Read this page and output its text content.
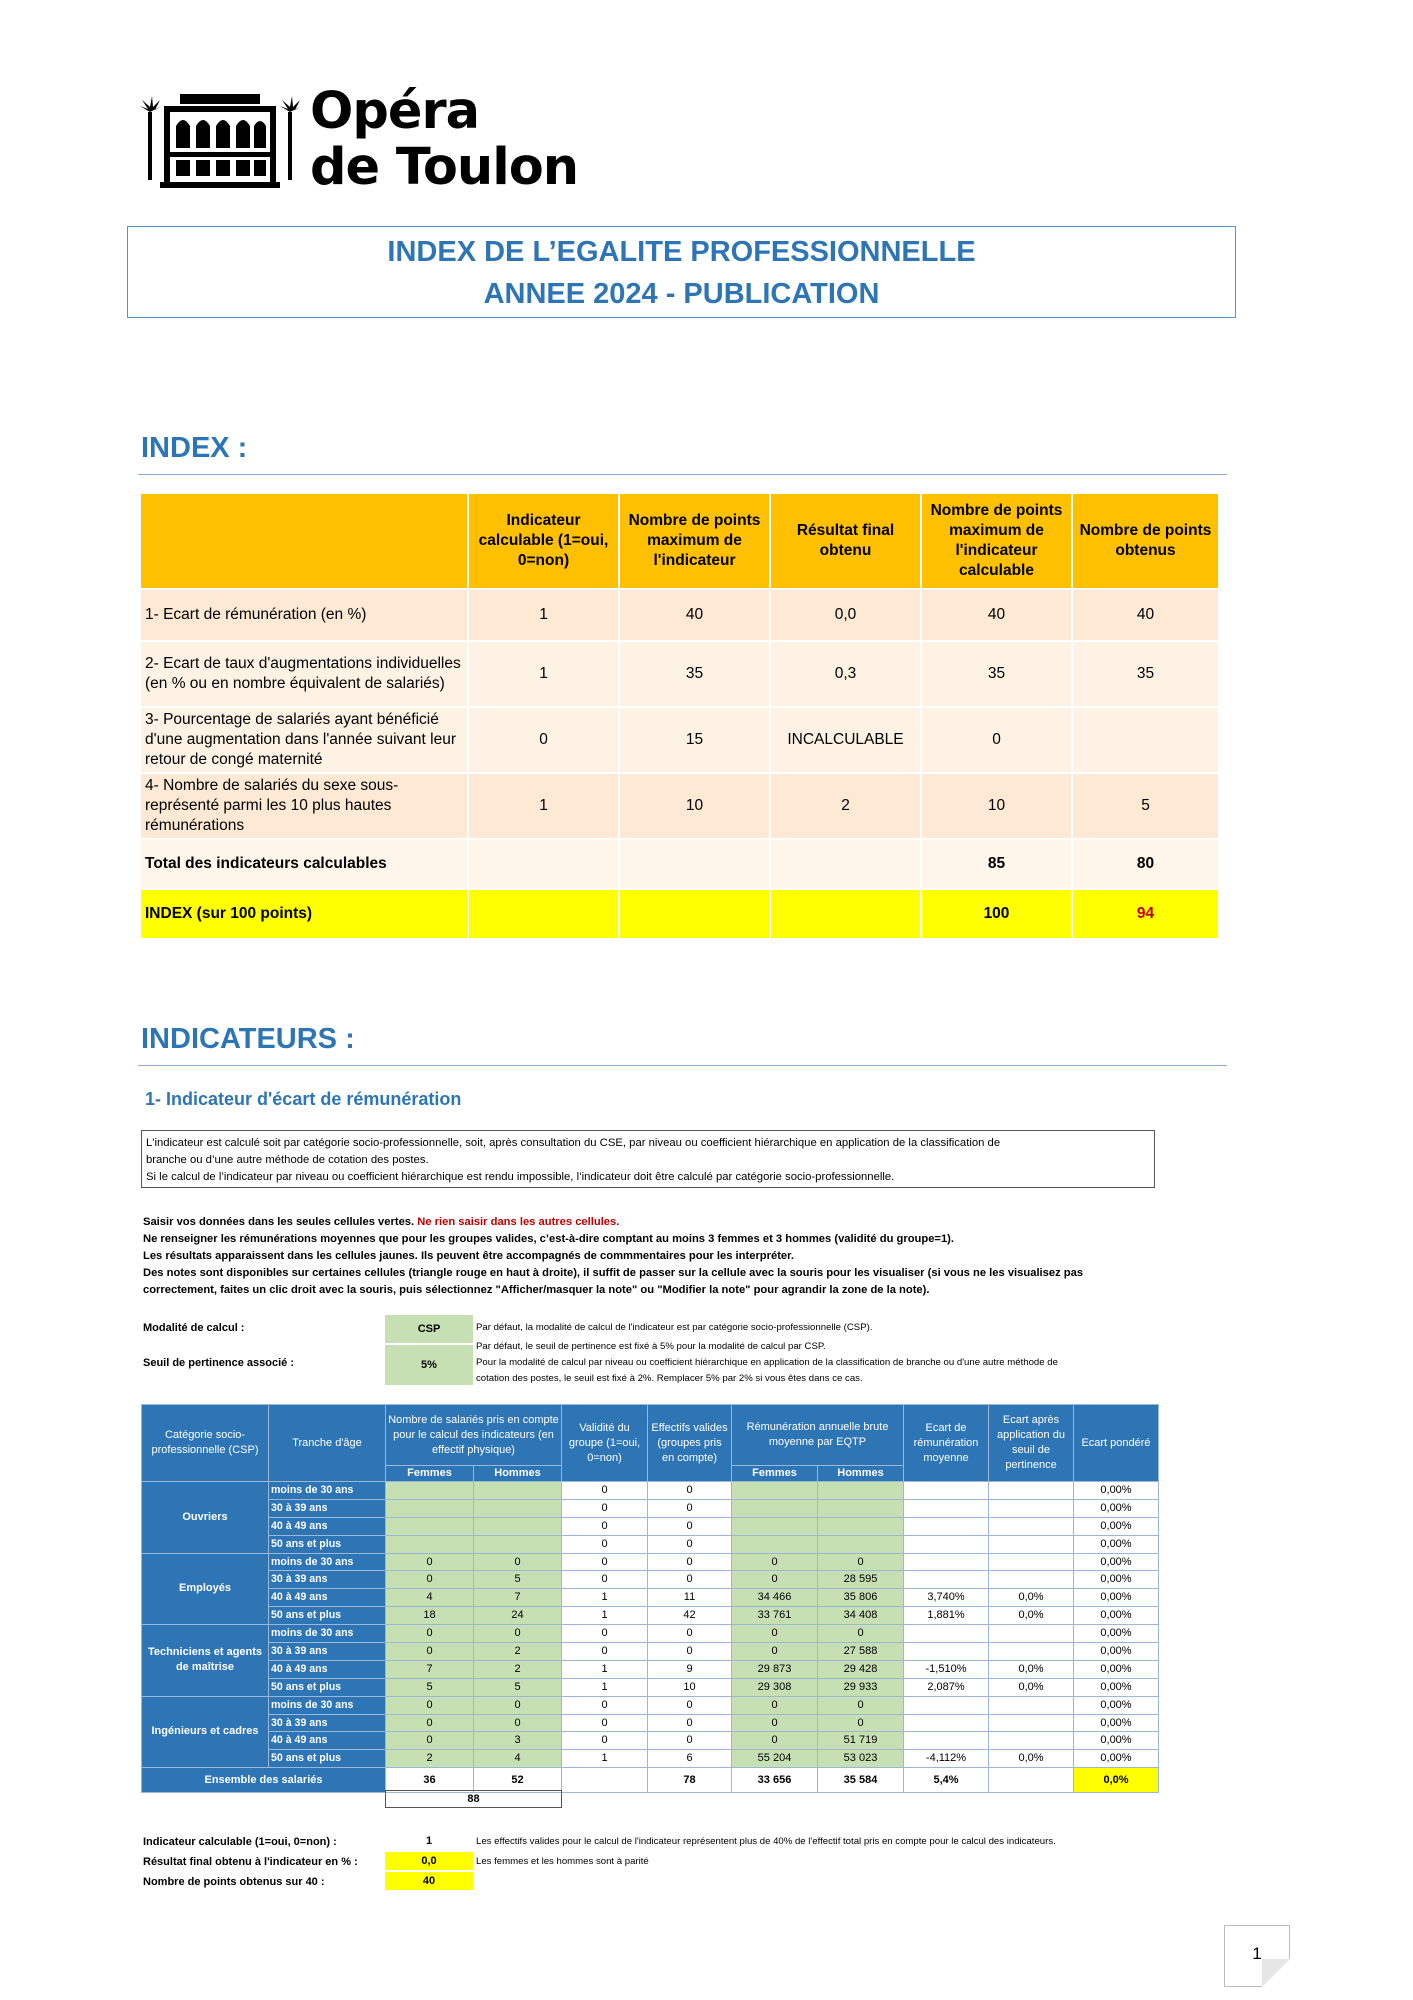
Opéra
de Toulon
INDEX DE L’EGALITE PROFESSIONNELLE
ANNEE 2024 - PUBLICATION
INDEX :
	Indicateur calculable (1=oui, 0=non)	Nombre de points maximum de l'indicateur	Résultat final obtenu	Nombre de points maximum de l'indicateur calculable	Nombre de points obtenus
1- Ecart de rémunération (en %)	1	40	0,0	40	40
2- Ecart de taux d'augmentations individuelles (en % ou en nombre équivalent de salariés)	1	35	0,3	35	35
3- Pourcentage de salariés ayant bénéficié d'une augmentation dans l'année suivant leur retour de congé maternité	0	15	INCALCULABLE	0	
4- Nombre de salariés du sexe sous-représenté parmi les 10 plus hautes rémunérations	1	10	2	10	5
Total des indicateurs calculables				85	80
INDEX (sur 100 points)				100	94
INDICATEURS :
1- Indicateur d'écart de rémunération
L'indicateur est calculé soit par catégorie socio-professionnelle, soit, après consultation du CSE, par niveau ou coefficient hiérarchique en application de la classification de
branche ou d’une autre méthode de cotation des postes.
Si le calcul de l’indicateur par niveau ou coefficient hiérarchique est rendu impossible, l’indicateur doit être calculé par catégorie socio-professionnelle.
Saisir vos données dans les seules cellules vertes. Ne rien saisir dans les autres cellules.
Ne renseigner les rémunérations moyennes que pour les groupes valides, c’est-à-dire comptant au moins 3 femmes et 3 hommes (validité du groupe=1).
Les résultats apparaissent dans les cellules jaunes. Ils peuvent être accompagnés de commmentaires pour les interpréter.
Des notes sont disponibles sur certaines cellules (triangle rouge en haut à droite), il suffit de passer sur la cellule avec la souris pour les visualiser (si vous ne les visualisez pas
correctement, faites un clic droit avec la souris, puis sélectionnez "Afficher/masquer la note" ou "Modifier la note" pour agrandir la zone de la note).
Modalité de calcul :	CSP	Par défaut, la modalité de calcul de l'indicateur est par catégorie socio-professionnelle (CSP).
Seuil de pertinence associé :	5%
Par défaut, le seuil de pertinence est fixé à 5% pour la modalité de calcul par CSP.
Pour la modalité de calcul par niveau ou coefficient hiérarchique en application de la classification de branche ou d'une autre méthode de
cotation des postes, le seuil est fixé à 2%. Remplacer 5% par 2% si vous êtes dans ce cas.
Catégorie socio-professionnelle (CSP)	Tranche d'âge	Nombre de salariés pris en compte pour le calcul des indicateurs (en effectif physique)		Validité du groupe (1=oui, 0=non)	Effectifs valides (groupes pris en compte)	Rémunération annuelle brute moyenne par EQTP		Ecart de rémunération moyenne	Ecart après application du seuil de pertinence	Ecart pondéré
		Femmes	Hommes			Femmes	Hommes			
Ouvriers	moins de 30 ans			0	0					0,00%
	30 à 39 ans			0	0					0,00%
	40 à 49 ans			0	0					0,00%
	50 ans et plus			0	0					0,00%
Employés	moins de 30 ans	0	0	0	0	0	0			0,00%
	30 à 39 ans	0	5	0	0	0	28 595			0,00%
	40 à 49 ans	4	7	1	11	34 466	35 806	3,740%	0,0%	0,00%
	50 ans et plus	18	24	1	42	33 761	34 408	1,881%	0,0%	0,00%
Techniciens et agents de maîtrise	moins de 30 ans	0	0	0	0	0	0			0,00%
	30 à 39 ans	0	2	0	0	0	27 588			0,00%
	40 à 49 ans	7	2	1	9	29 873	29 428	-1,510%	0,0%	0,00%
	50 ans et plus	5	5	1	10	29 308	29 933	2,087%	0,0%	0,00%
Ingénieurs et cadres	moins de 30 ans	0	0	0	0	0	0			0,00%
	30 à 39 ans	0	0	0	0	0	0			0,00%
	40 à 49 ans	0	3	0	0	0	51 719			0,00%
	50 ans et plus	2	4	1	6	55 204	53 023	-4,112%	0,0%	0,00%
Ensemble des salariés		36	52		78	33 656	35 584	5,4%		0,0%
88
Indicateur calculable (1=oui, 0=non) :	1	Les effectifs valides pour le calcul de l'indicateur représentent plus de 40% de l'effectif total pris en compte pour le calcul des indicateurs.
Résultat final obtenu à l'indicateur en % :	0,0	Les femmes et les hommes sont à parité
Nombre de points obtenus sur 40 :	40
1
